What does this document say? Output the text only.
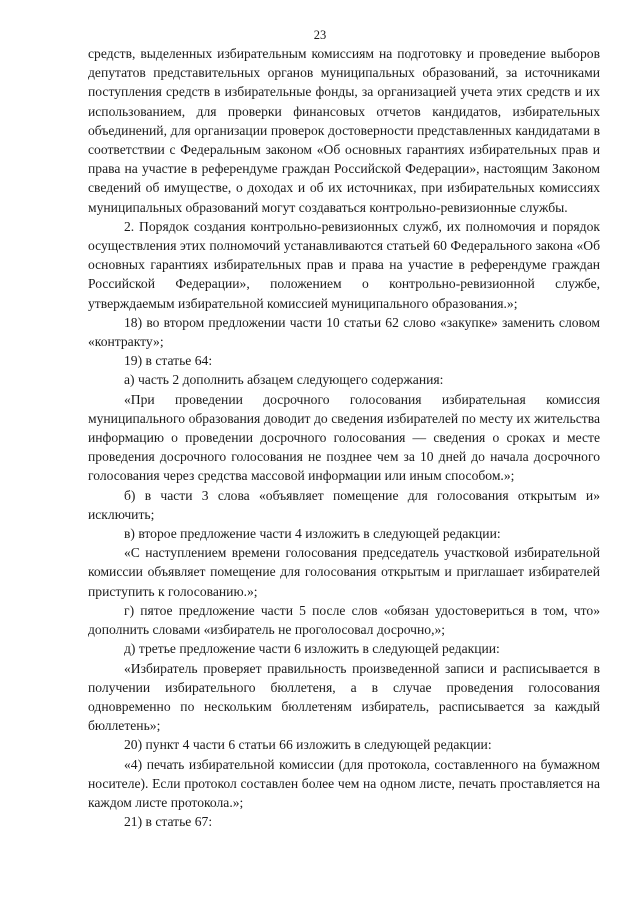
23

средств, выделенных избирательным комиссиям на подготовку и проведение выборов депутатов представительных органов муниципальных образований, за источниками поступления средств в избирательные фонды, за организацией учета этих средств и их использованием, для проверки финансовых отчетов кандидатов, избирательных объединений, для организации проверок достоверности представленных кандидатами в соответствии с Федеральным законом «Об основных гарантиях избирательных прав и права на участие в референдуме граждан Российской Федерации», настоящим Законом сведений об имуществе, о доходах и об их источниках, при избирательных комиссиях муниципальных образований могут создаваться контрольно-ревизионные службы.

2. Порядок создания контрольно-ревизионных служб, их полномочия и порядок осуществления этих полномочий устанавливаются статьей 60 Федерального закона «Об основных гарантиях избирательных прав и права на участие в референдуме граждан Российской Федерации», положением о контрольно-ревизионной службе, утверждаемым избирательной комиссией муниципального образования.»;

18) во втором предложении части 10 статьи 62 слово «закупке» заменить словом «контракту»;

19) в статье 64:

а) часть 2 дополнить абзацем следующего содержания:

«При проведении досрочного голосования избирательная комиссия муниципального образования доводит до сведения избирателей по месту их жительства информацию о проведении досрочного голосования — сведения о сроках и месте проведения досрочного голосования не позднее чем за 10 дней до начала досрочного голосования через средства массовой информации или иным способом.»;

б) в части 3 слова «объявляет помещение для голосования открытым и» исключить;

в) второе предложение части 4 изложить в следующей редакции:

«С наступлением времени голосования председатель участковой избирательной комиссии объявляет помещение для голосования открытым и приглашает избирателей приступить к голосованию.»;

г) пятое предложение части 5 после слов «обязан удостовериться в том, что» дополнить словами «избиратель не проголосовал досрочно,»;

д) третье предложение части 6 изложить в следующей редакции:

«Избиратель проверяет правильность произведенной записи и расписывается в получении избирательного бюллетеня, а в случае проведения голосования одновременно по нескольким бюллетеням избиратель, расписывается за каждый бюллетень»;

20) пункт 4 части 6 статьи 66 изложить в следующей редакции:

«4) печать избирательной комиссии (для протокола, составленного на бумажном носителе). Если протокол составлен более чем на одном листе, печать проставляется на каждом листе протокола.»;

21) в статье 67:
